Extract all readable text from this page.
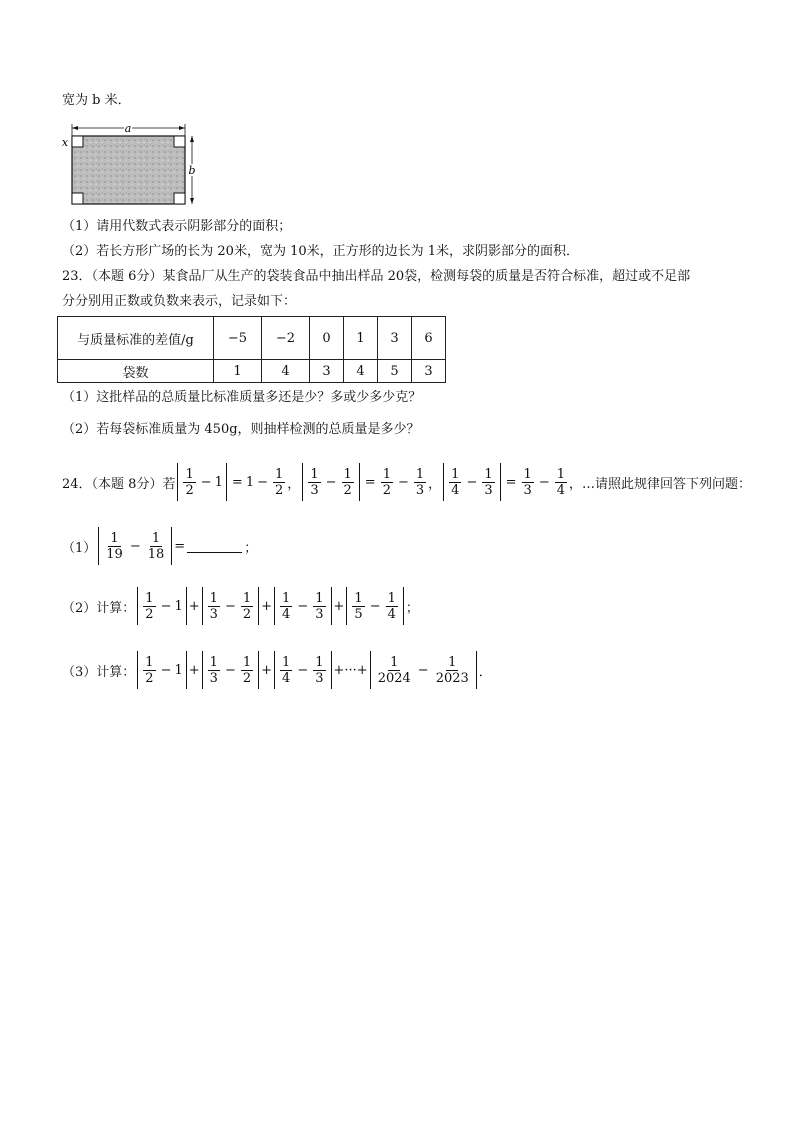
宽为 b 米．
a
x
b
（1）请用代数式表示阴影部分的面积；
（2）若长方形广场的长为 20米，宽为 10米，正方形的边长为 1米，求阴影部分的面积．
23．（本题 6分）某食品厂从生产的袋装食品中抽出样品 20袋，检测每袋的质量是否符合标准，超过或不足部
分分别用正数或负数来表示，记录如下：
与质量标准的差值/g	−5	−2	0	1	3	6
袋数	1	4	3	4	5	3
（1）这批样品的总质量比标准质量多还是少？多或少多少克？
（2）若每袋标准质量为 450g，则抽样检测的总质量是多少？
24．（本题 8分）若 $\frac{1}{2} - 1 = 1 - \frac{1}{2}$ ， $\frac{1}{3} - \frac{1}{2} = \frac{1}{2} - \frac{1}{3}$ ， $\frac{1}{4} - \frac{1}{3} = \frac{1}{3} - \frac{1}{4}$ ，…请照此规律回答下列问题：
$(1) \frac{1}{19} - \frac{1}{18}$ =	；
（2）计算： $\frac{1}{2} - 1 + \frac{1}{3} - \frac{1}{2} + \frac{1}{4} - \frac{1}{3} + \frac{1}{5} - \frac{1}{4}$ ；
（3）计算： $\frac{1}{2} - 1 + \frac{1}{3} - \frac{1}{2} + \frac{1}{4} - \frac{1}{3}$ +···+ $\frac{1}{2024} - \frac{1}{2023}$ ．
